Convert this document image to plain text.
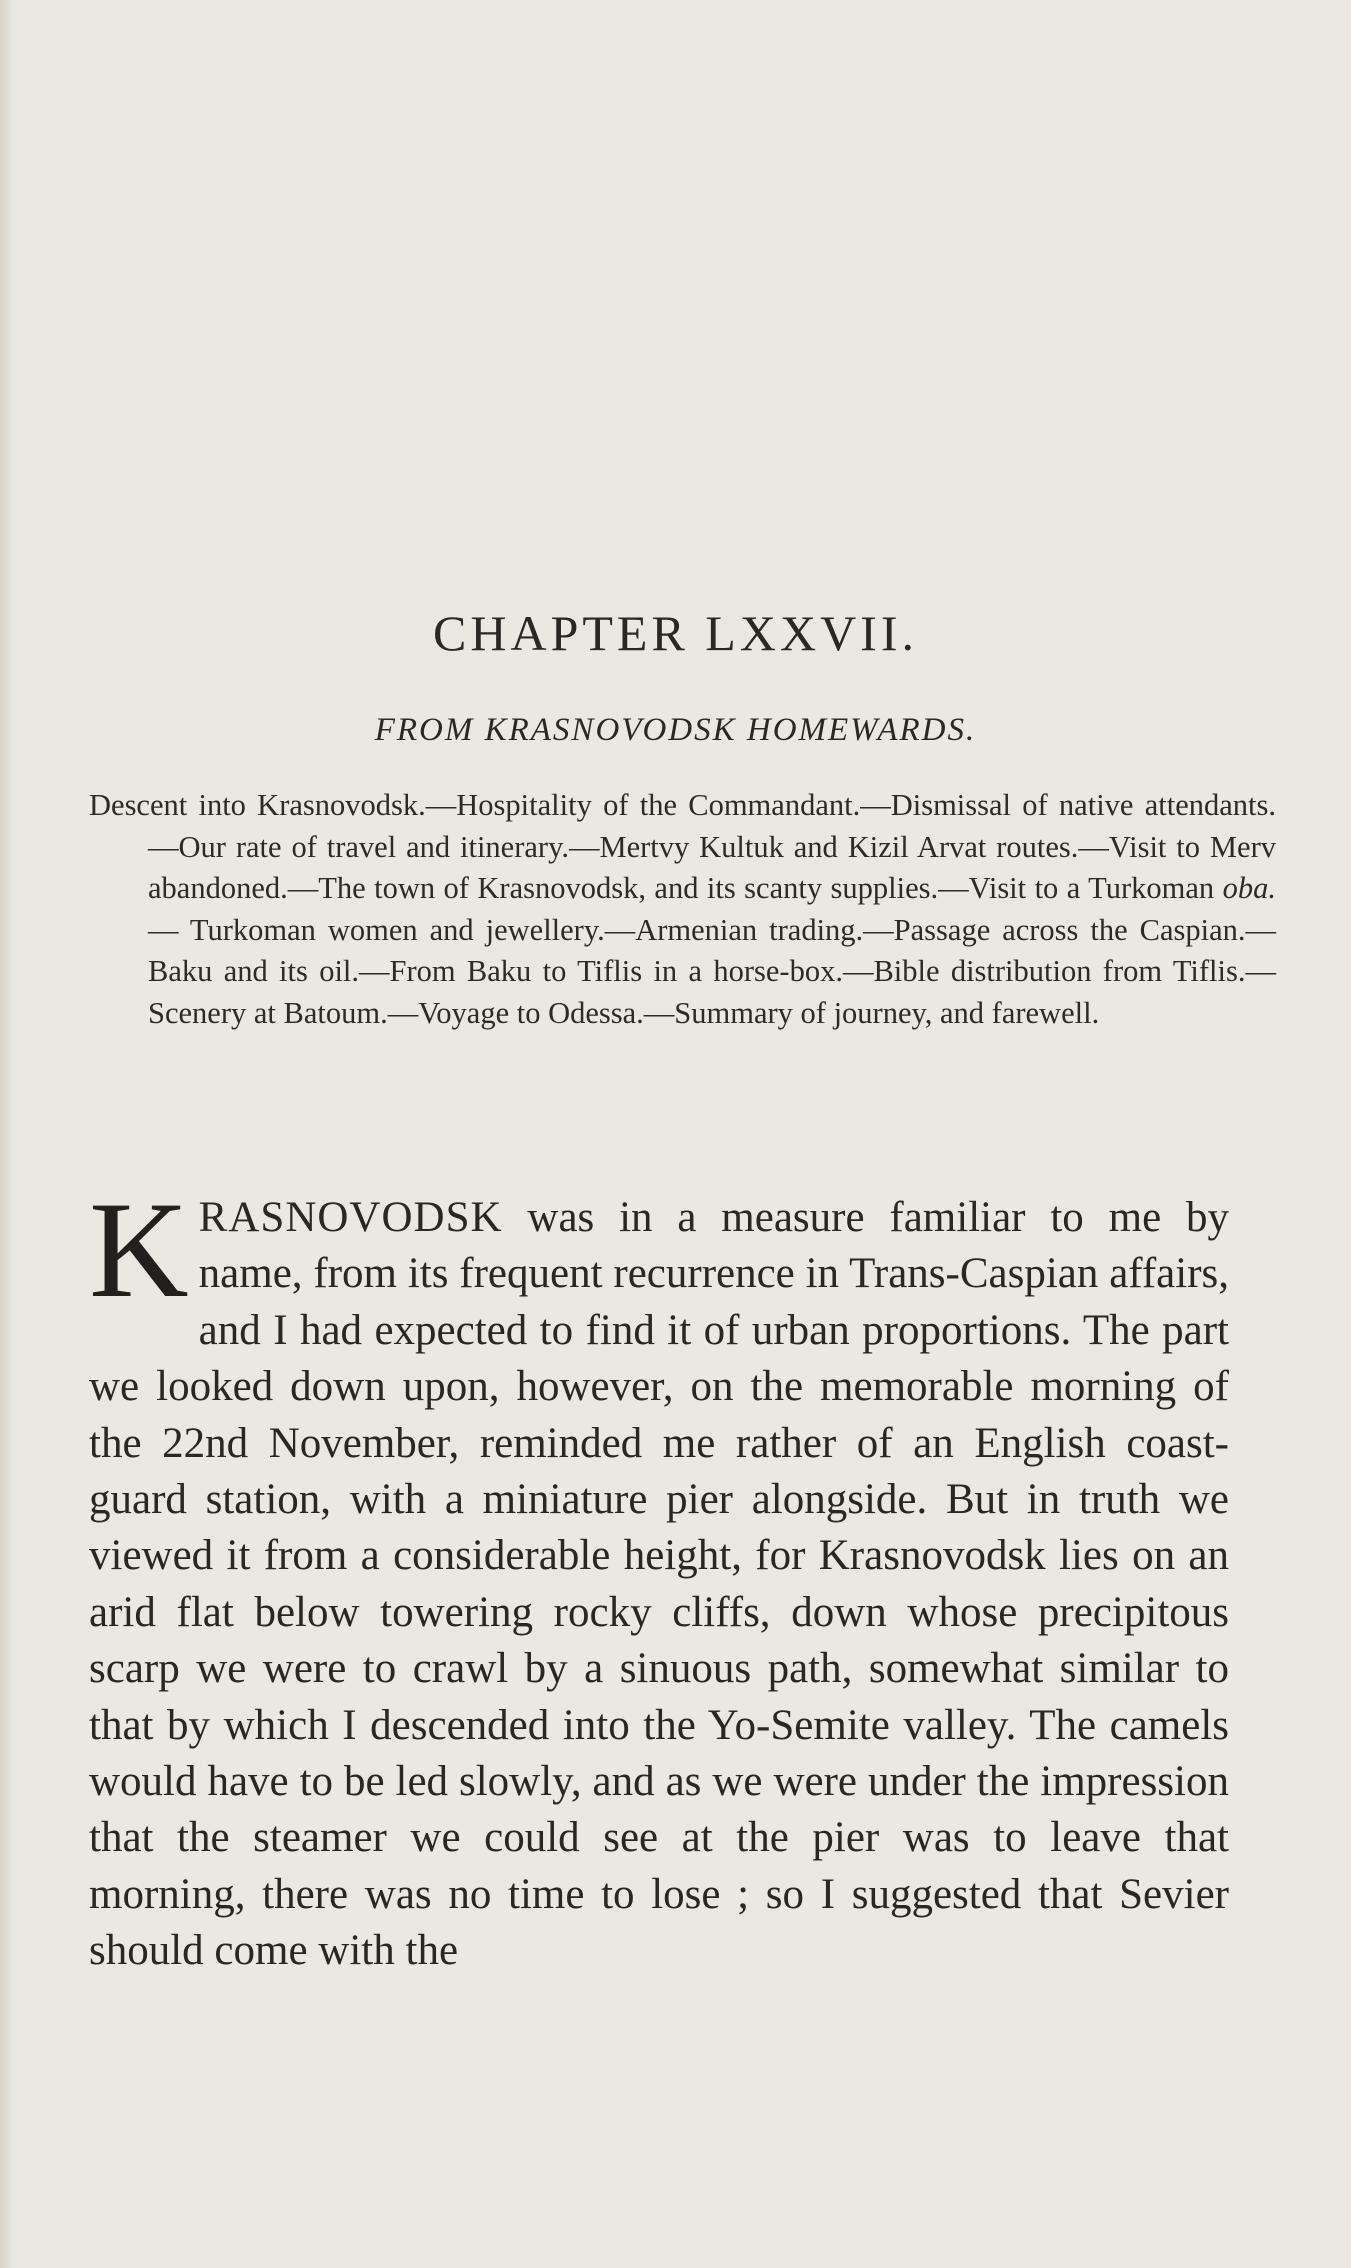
CHAPTER LXXVII.
FROM KRASNOVODSK HOMEWARDS.

Descent into Krasnovodsk.—Hospitality of the Commandant.—Dismissal of native attendants.—Our rate of travel and itinerary.—Mertvy Kultuk and Kizil Arvat routes.—Visit to Merv abandoned.—The town of Krasnovodsk, and its scanty supplies.—Visit to a Turkoman oba.— Turkoman women and jewellery.—Armenian trading.—Passage across the Caspian.—Baku and its oil.—From Baku to Tiflis in a horse-box.—Bible distribution from Tiflis.—Scenery at Batoum.—Voyage to Odessa.—Summary of journey, and farewell.

KRASNOVODSK was in a measure familiar to me by name, from its frequent recurrence in Trans-Caspian affairs, and I had expected to find it of urban proportions. The part we looked down upon, however, on the memorable morning of the 22nd November, reminded me rather of an English coast-guard station, with a miniature pier alongside. But in truth we viewed it from a considerable height, for Krasnovodsk lies on an arid flat below towering rocky cliffs, down whose precipitous scarp we were to crawl by a sinuous path, somewhat similar to that by which I descended into the Yo-Semite valley. The camels would have to be led slowly, and as we were under the impression that the steamer we could see at the pier was to leave that morning, there was no time to lose ; so I suggested that Sevier should come with the
